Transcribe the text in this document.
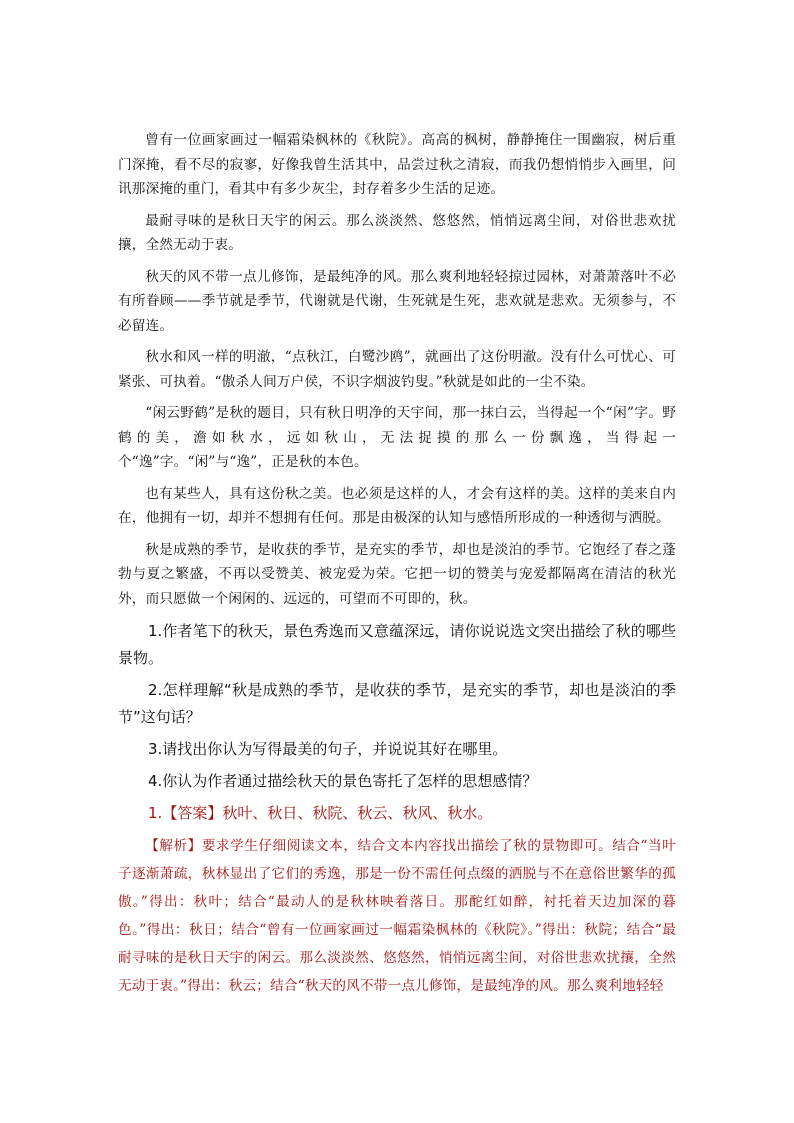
曾有一位画家画过一幅霜染枫林的《秋院》。高高的枫树，静静掩住一围幽寂，树后重门深掩，看不尽的寂寥，好像我曾生活其中，品尝过秋之清寂，而我仍想悄悄步入画里，问讯那深掩的重门，看其中有多少灰尘，封存着多少生活的足迹。

最耐寻味的是秋日天宇的闲云。那么淡淡然、悠悠然，悄悄远离尘间，对俗世悲欢扰攘，全然无动于衷。

秋天的风不带一点儿修饰，是最纯净的风。那么爽利地轻轻掠过园林，对萧萧落叶不必有所眷顾——季节就是季节，代谢就是代谢，生死就是生死，悲欢就是悲欢。无须参与，不必留连。

秋水和风一样的明澈，“点秋江，白鹭沙鸥”，就画出了这份明澈。没有什么可忧心、可紧张、可执着。“傲杀人间万户侯，不识字烟波钓叟。”秋就是如此的一尘不染。

“闲云野鹤”是秋的题目，只有秋日明净的天宇间，那一抹白云，当得起一个“闲”字。野鹤的美，澹如秋水，远如秋山，无法捉摸的那么一份飘逸，当得起一个“逸”字。“闲”与“逸”，正是秋的本色。

也有某些人，具有这份秋之美。也必须是这样的人，才会有这样的美。这样的美来自内在，他拥有一切，却并不想拥有任何。那是由极深的认知与感悟所形成的一种透彻与洒脱。

秋是成熟的季节，是收获的季节，是充实的季节，却也是淡泊的季节。它饱经了春之蓬勃与夏之繁盛，不再以受赞美、被宠爱为荣。它把一切的赞美与宠爱都隔离在清洁的秋光外，而只愿做一个闲闲的、远远的，可望而不可即的，秋。

1.作者笔下的秋天，景色秀逸而又意蕴深远，请你说说选文突出描绘了秋的哪些景物。

2.怎样理解“秋是成熟的季节，是收获的季节，是充实的季节，却也是淡泊的季节”这句话？

3.请找出你认为写得最美的句子，并说说其好在哪里。

4.你认为作者通过描绘秋天的景色寄托了怎样的思想感情？

1.【答案】秋叶、秋日、秋院、秋云、秋风、秋水。

【解析】要求学生仔细阅读文本，结合文本内容找出描绘了秋的景物即可。结合“当叶子逐渐萧疏，秋林显出了它们的秀逸，那是一份不需任何点缀的洒脱与不在意俗世繁华的孤傲。”得出：秋叶；结合“最动人的是秋林映着落日。那酡红如醉，衬托着天边加深的暮色。”得出：秋日；结合“曾有一位画家画过一幅霜染枫林的《秋院》。”得出：秋院；结合“最耐寻味的是秋日天宇的闲云。那么淡淡然、悠悠然，悄悄远离尘间，对俗世悲欢扰攘，全然无动于衷。”得出：秋云；结合“秋天的风不带一点儿修饰，是最纯净的风。那么爽利地轻轻
